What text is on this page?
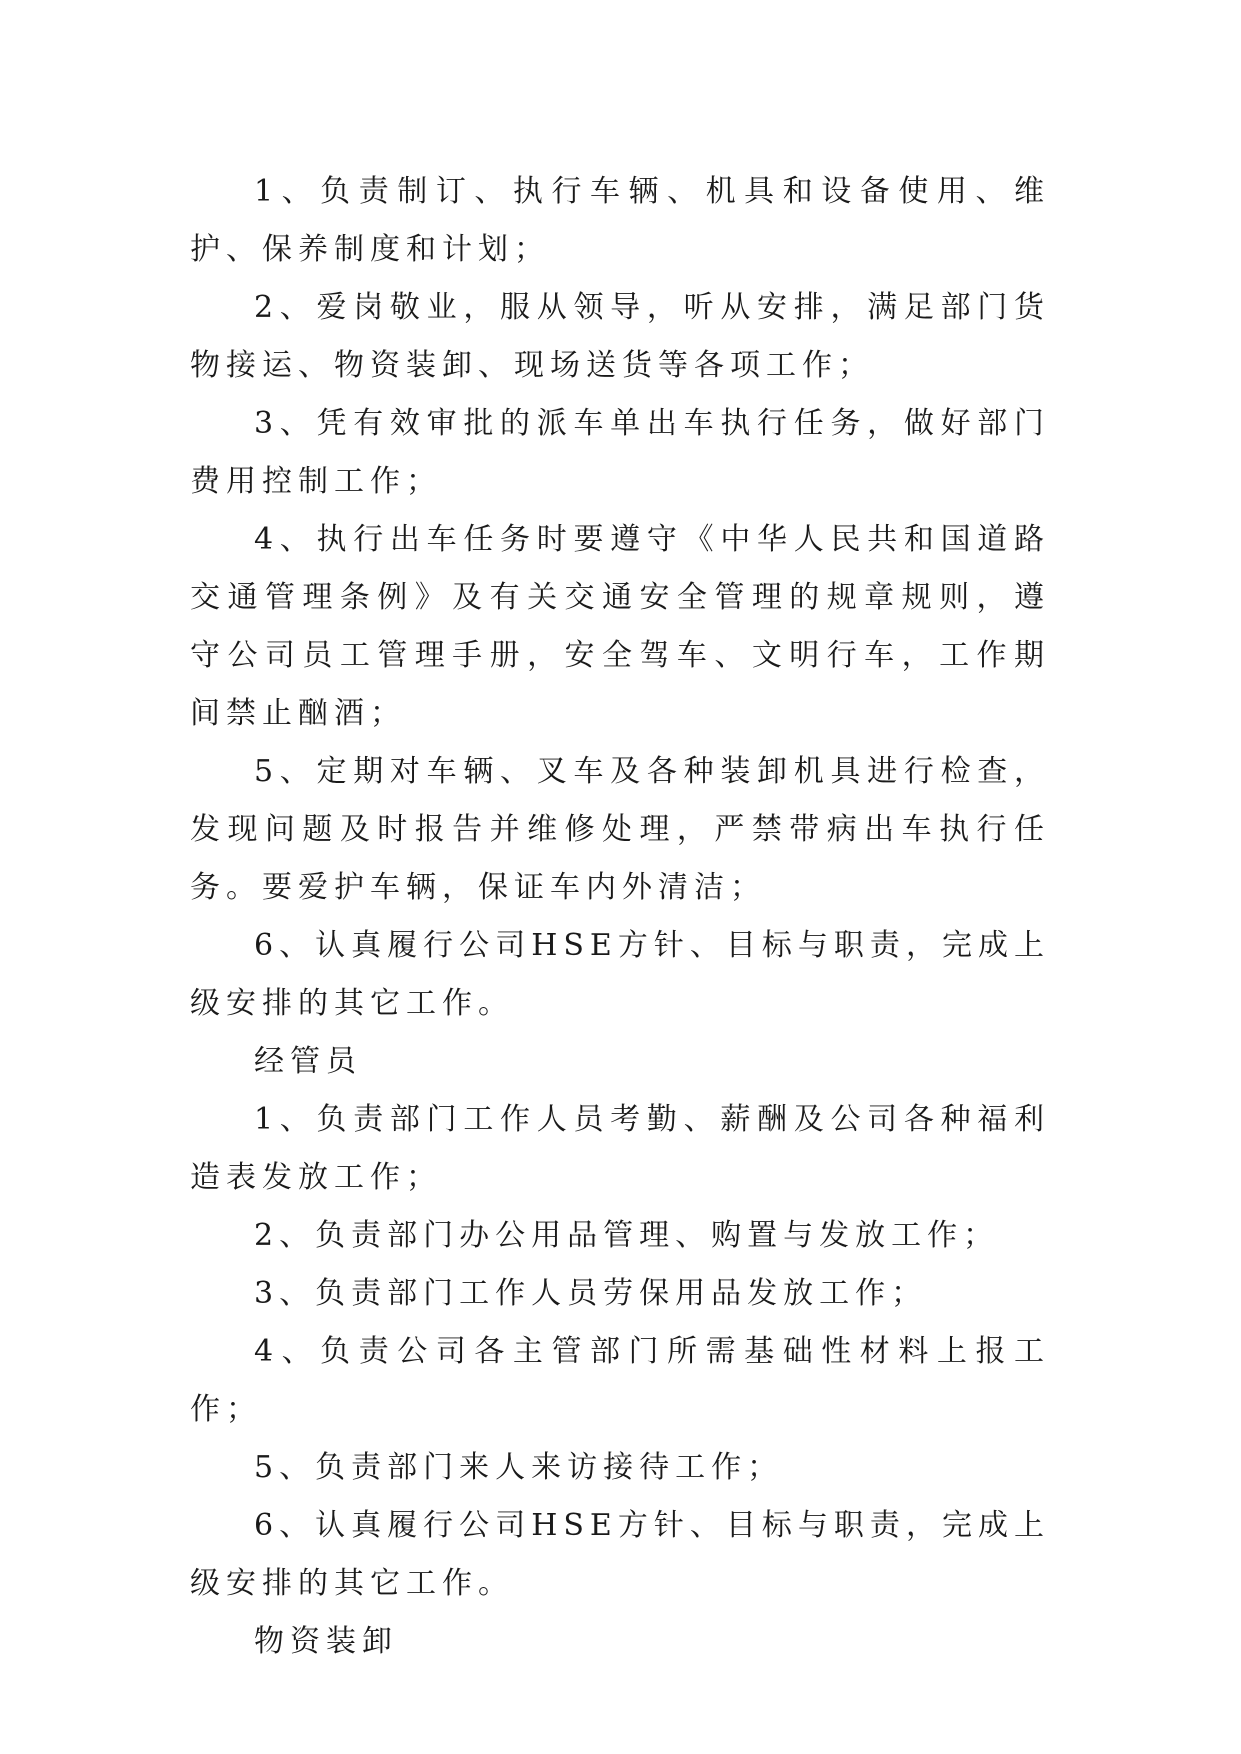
1、负责制订、执行车辆、机具和设备使用、维护、保养制度和计划；

2、爱岗敬业，服从领导，听从安排，满足部门货物接运、物资装卸、现场送货等各项工作；

3、凭有效审批的派车单出车执行任务，做好部门费用控制工作；

4、执行出车任务时要遵守《中华人民共和国道路交通管理条例》及有关交通安全管理的规章规则，遵守公司员工管理手册，安全驾车、文明行车，工作期间禁止酗酒；

5、定期对车辆、叉车及各种装卸机具进行检查，发现问题及时报告并维修处理，严禁带病出车执行任务。要爱护车辆，保证车内外清洁；

6、认真履行公司HSE方针、目标与职责，完成上级安排的其它工作。

经管员

1、负责部门工作人员考勤、薪酬及公司各种福利造表发放工作；

2、负责部门办公用品管理、购置与发放工作；

3、负责部门工作人员劳保用品发放工作；

4、负责公司各主管部门所需基础性材料上报工作；

5、负责部门来人来访接待工作；

6、认真履行公司HSE方针、目标与职责，完成上级安排的其它工作。

物资装卸
